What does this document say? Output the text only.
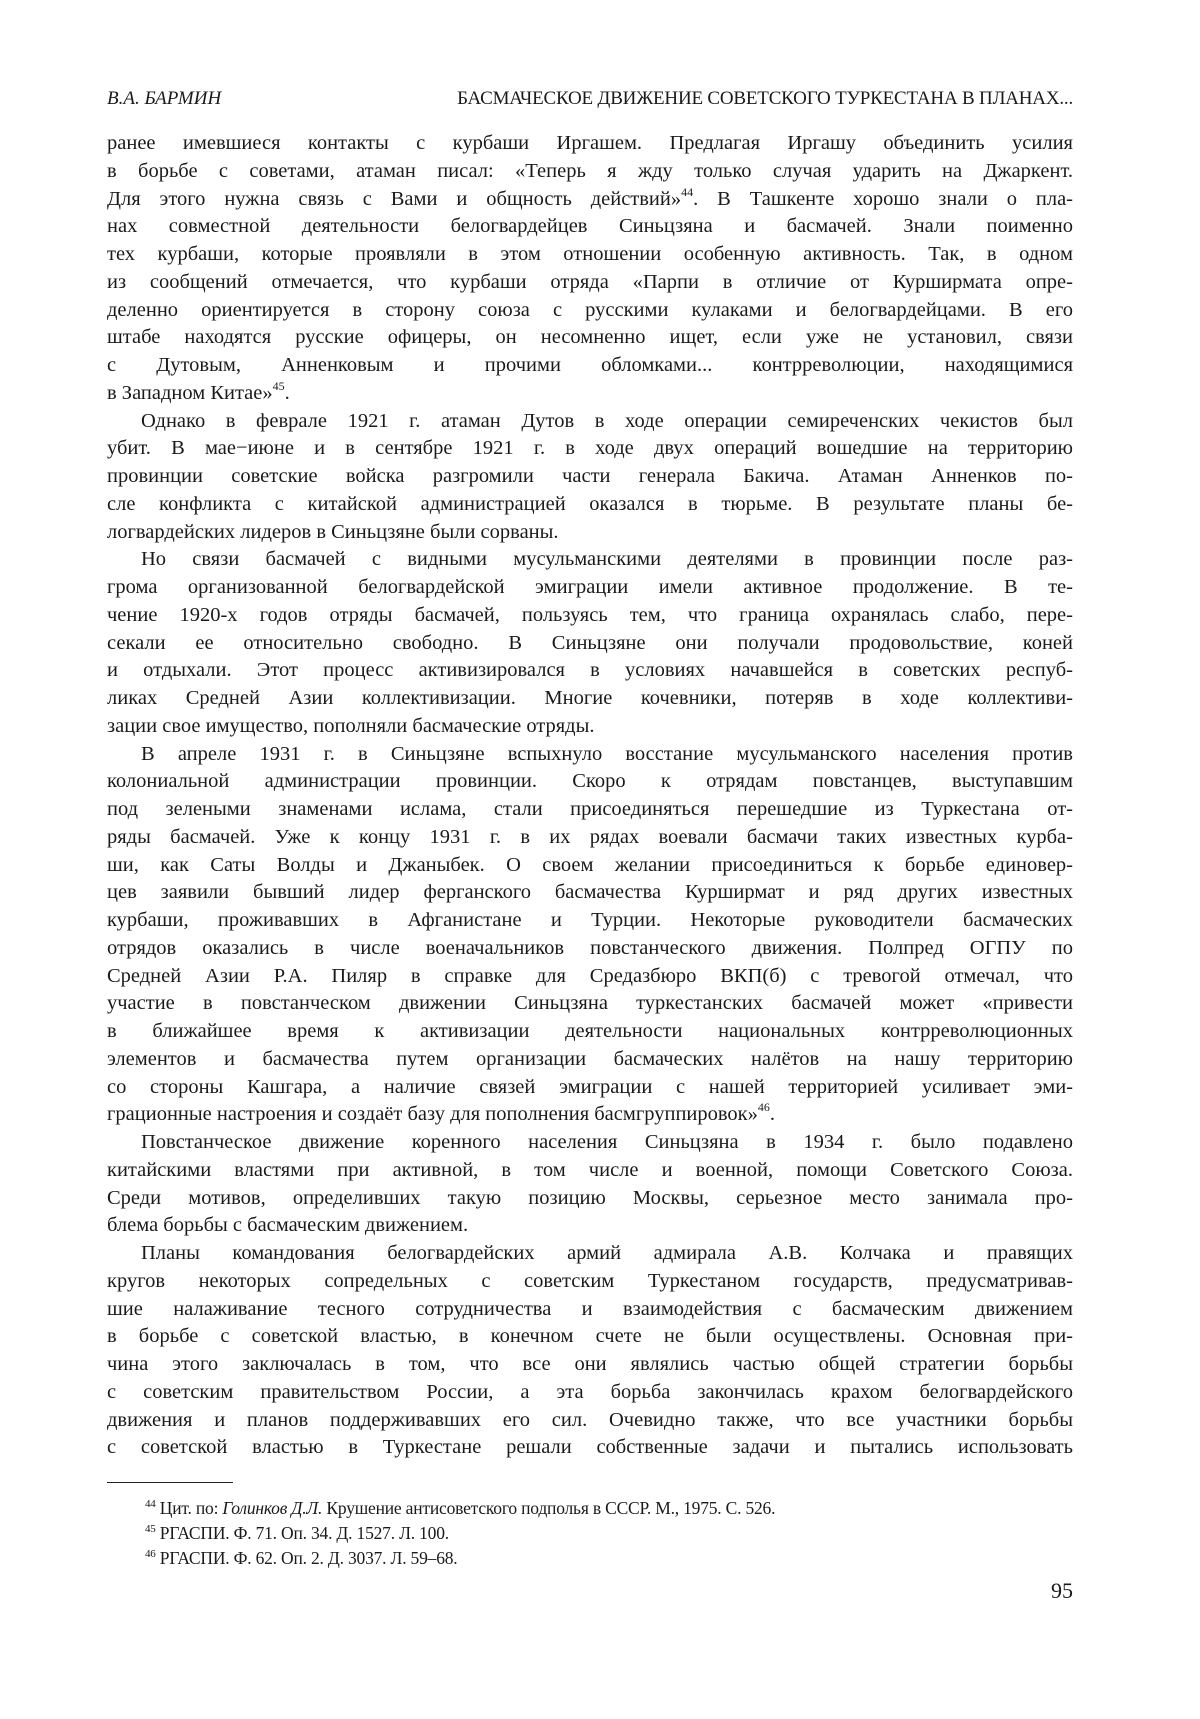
В.А. БАРМИН	БАСМАЧЕСКОЕ ДВИЖЕНИЕ СОВЕТСКОГО ТУРКЕСТАНА В ПЛАНАХ...
ранее имевшиеся контакты с курбаши Иргашем. Предлагая Иргашу объединить усилия
в борьбе с советами, атаман писал: «Теперь я жду только случая ударить на Джаркент.
Для этого нужна связь с Вами и общность действий»44. В Ташкенте хорошо знали о пла-
нах совместной деятельности белогвардейцев Синьцзяна и басмачей. Знали поименно
тех курбаши, которые проявляли в этом отношении особенную активность. Так, в одном
из сообщений отмечается, что курбаши отряда «Парпи в отличие от Курширмата опре-
деленно ориентируется в сторону союза с русскими кулаками и белогвардейцами. В его
штабе находятся русские офицеры, он несомненно ищет, если уже не установил, связи
с Дутовым, Анненковым и прочими обломками... контрреволюции, находящимися
в Западном Китае»45.
Однако в феврале 1921 г. атаман Дутов в ходе операции семиреченских чекистов был
убит. В мае−июне и в сентябре 1921 г. в ходе двух операций вошедшие на территорию
провинции советские войска разгромили части генерала Бакича. Атаман Анненков по-
сле конфликта с китайской администрацией оказался в тюрьме. В результате планы бе-
логвардейских лидеров в Синьцзяне были сорваны.
Но связи басмачей с видными мусульманскими деятелями в провинции после раз-
грома организованной белогвардейской эмиграции имели активное продолжение. В те-
чение 1920-х годов отряды басмачей, пользуясь тем, что граница охранялась слабо, пере-
секали ее относительно свободно. В Синьцзяне они получали продовольствие, коней
и отдыхали. Этот процесс активизировался в условиях начавшейся в советских респуб-
ликах Средней Азии коллективизации. Многие кочевники, потеряв в ходе коллективи-
зации свое имущество, пополняли басмаческие отряды.
В апреле 1931 г. в Синьцзяне вспыхнуло восстание мусульманского населения против
колониальной администрации провинции. Скоро к отрядам повстанцев, выступавшим
под зелеными знаменами ислама, стали присоединяться перешедшие из Туркестана от-
ряды басмачей. Уже к концу 1931 г. в их рядах воевали басмачи таких известных курба-
ши, как Саты Волды и Джаныбек. О своем желании присоединиться к борьбе единовер-
цев заявили бывший лидер ферганского басмачества Курширмат и ряд других известных
курбаши, проживавших в Афганистане и Турции. Некоторые руководители басмаческих
отрядов оказались в числе военачальников повстанческого движения. Полпред ОГПУ по
Средней Азии Р.А. Пиляр в справке для Средазбюро ВКП(б) с тревогой отмечал, что
участие в повстанческом движении Синьцзяна туркестанских басмачей может «привести
в ближайшее время к активизации деятельности национальных контрреволюционных
элементов и басмачества путем организации басмаческих налётов на нашу территорию
со стороны Кашгара, а наличие связей эмиграции с нашей территорией усиливает эми-
грационные настроения и создаёт базу для пополнения басмгруппировок»46.
Повстанческое движение коренного населения Синьцзяна в 1934 г. было подавлено
китайскими властями при активной, в том числе и военной, помощи Советского Союза.
Среди мотивов, определивших такую позицию Москвы, серьезное место занимала про-
блема борьбы с басмаческим движением.
Планы командования белогвардейских армий адмирала А.В. Колчака и правящих
кругов некоторых сопредельных с советским Туркестаном государств, предусматривав-
шие налаживание тесного сотрудничества и взаимодействия с басмаческим движением
в борьбе с советской властью, в конечном счете не были осуществлены. Основная при-
чина этого заключалась в том, что все они являлись частью общей стратегии борьбы
с советским правительством России, а эта борьба закончилась крахом белогвардейского
движения и планов поддерживавших его сил. Очевидно также, что все участники борьбы
с советской властью в Туркестане решали собственные задачи и пытались использовать
44 Цит. по: Голинков Д.Л. Крушение антисоветского подполья в СССР. М., 1975. С. 526.
45 РГАСПИ. Ф. 71. Оп. 34. Д. 1527. Л. 100.
46 РГАСПИ. Ф. 62. Оп. 2. Д. 3037. Л. 59–68.
95
